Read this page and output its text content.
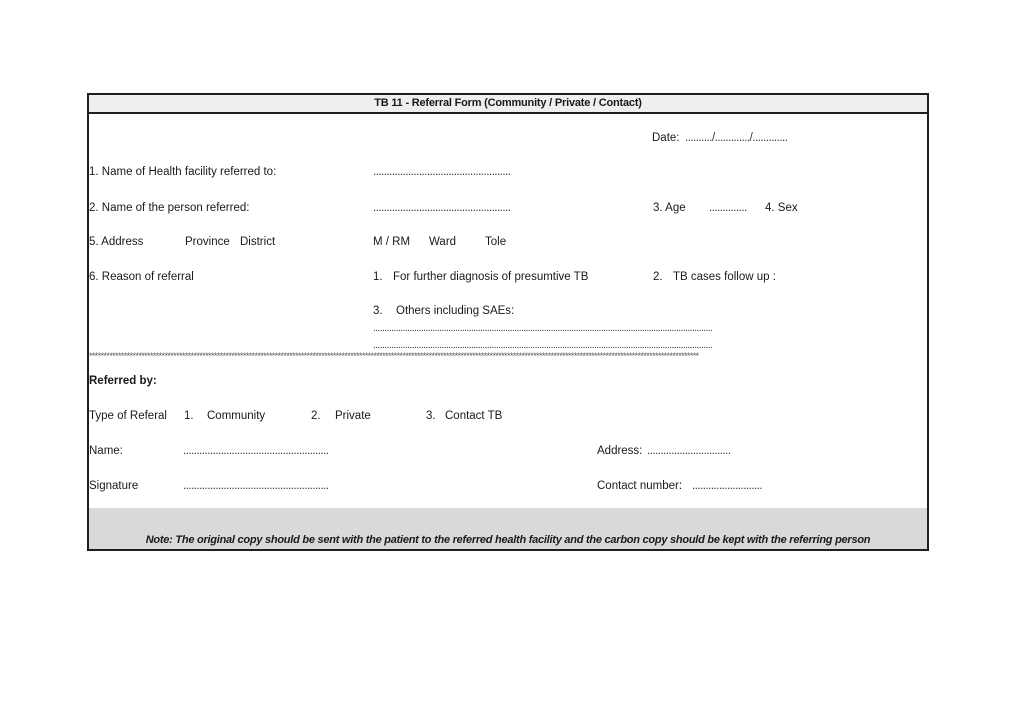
TB 11 - Referral Form (Community / Private / Contact)
Date: ........../............./.............
1. Name of Health facility referred to:	...................................................
2. Name of the person referred:	...................................................	3. Age .............. 4. Sex
5. Address	Province District	M / RM Ward	Tole
6. Reason of referral	1. For further diagnosis of presumtive TB	2. TB cases follow up :
3. Others including SAEs:
.....................................................................................................................................................
.....................................................................................................................................................
******************************************************************************************************************************************************************************************************************
Referred by:
Type of Referal 1. Community	2. Private	3. Contact TB
Name:	......................................................	Address: ...............................
Signature	......................................................	Contact number: ..........................
Note: The original copy should be sent with the patient to the referred health facility and the carbon copy should be kept with the referring person
